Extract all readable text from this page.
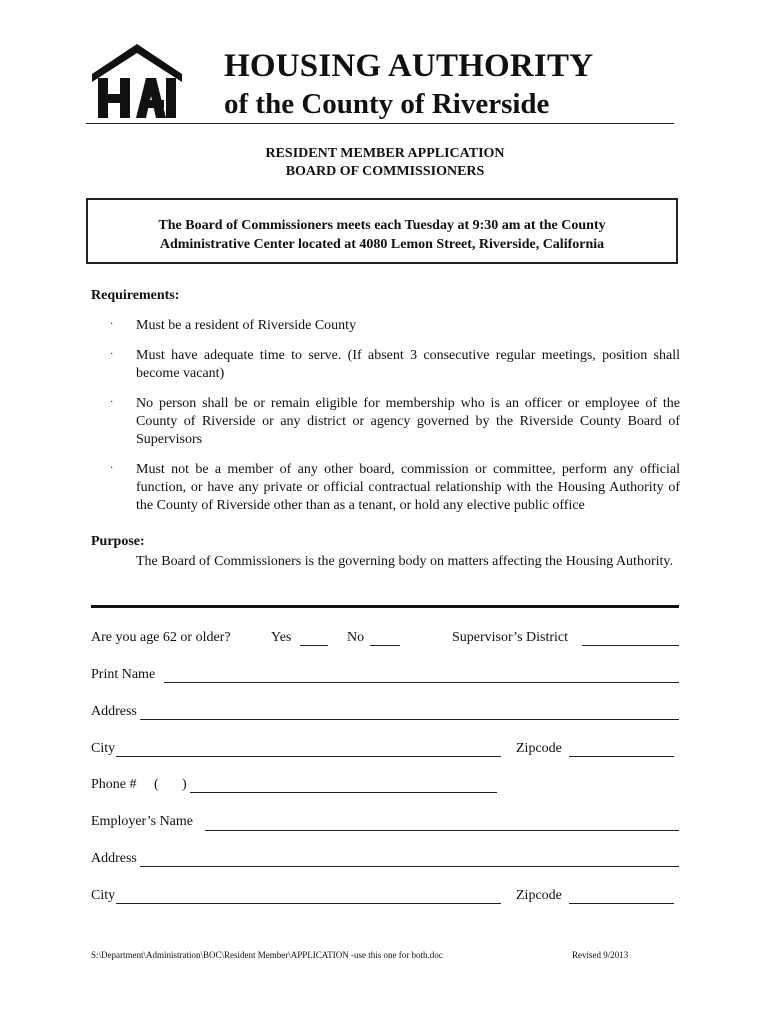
HOUSING AUTHORITY
of the County of Riverside
RESIDENT MEMBER APPLICATION
BOARD OF COMMISSIONERS
The Board of Commissioners meets each Tuesday at 9:30 am at the County
Administrative Center located at 4080 Lemon Street, Riverside, California
Requirements:
· Must be a resident of Riverside County
· Must have adequate time to serve. (If absent 3 consecutive regular meetings, position shall become vacant)
· No person shall be or remain eligible for membership who is an officer or employee of the County of Riverside or any district or agency governed by the Riverside County Board of Supervisors
· Must not be a member of any other board, commission or committee, perform any official function, or have any private or official contractual relationship with the Housing Authority of the County of Riverside other than as a tenant, or hold any elective public office
Purpose:
The Board of Commissioners is the governing body on matters affecting the Housing Authority.
Are you age 62 or older?	Yes	No	Supervisor’s District
Print Name
Address
City	Zipcode
Phone # ( )
Employer’s Name
Address
City	Zipcode
S:\Department\Administration\BOC\Resident Member\APPLICATION -use this one for both.doc	Revised 9/2013
